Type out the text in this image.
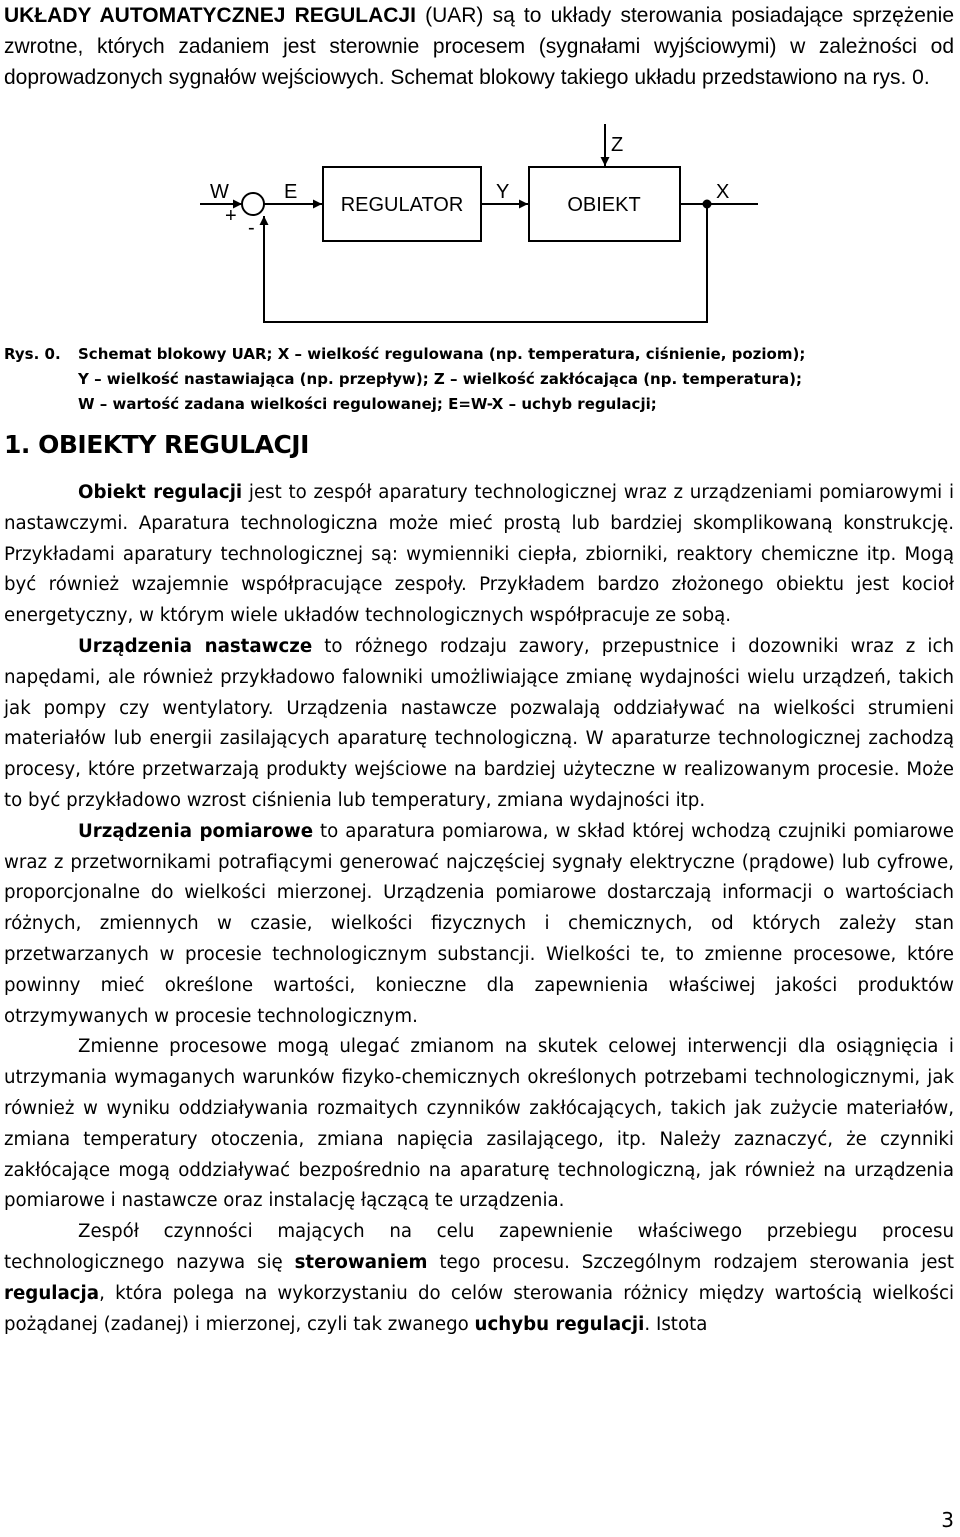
UKŁADY AUTOMATYCZNEJ REGULACJI (UAR) są to układy sterowania posiadające sprzężenie zwrotne, których zadaniem jest sterownie procesem (sygnałami wyjściowymi) w zależności od doprowadzonych sygnałów wejściowych. Schemat blokowy takiego układu przedstawiono na rys. 0.
W
+
-
E
REGULATOR
Y
OBIEKT
Z
X
Rys. 0. Schemat blokowy UAR; X – wielkość regulowana (np. temperatura, ciśnienie, poziom);
Y – wielkość nastawiająca (np. przepływ); Z – wielkość zakłócająca (np. temperatura);
W – wartość zadana wielkości regulowanej; E=W-X – uchyb regulacji;
1. OBIEKTY REGULACJI

Obiekt regulacji jest to zespół aparatury technologicznej wraz z urządzeniami pomiarowymi i nastawczymi. Aparatura technologiczna może mieć prostą lub bardziej skomplikowaną konstrukcję. Przykładami aparatury technologicznej są: wymienniki ciepła, zbiorniki, reaktory chemiczne itp. Mogą być również wzajemnie współpracujące zespoły. Przykładem bardzo złożonego obiektu jest kocioł energetyczny, w którym wiele układów technologicznych współpracuje ze sobą.

Urządzenia nastawcze to różnego rodzaju zawory, przepustnice i dozowniki wraz z ich napędami, ale również przykładowo falowniki umożliwiające zmianę wydajności wielu urządzeń, takich jak pompy czy wentylatory. Urządzenia nastawcze pozwalają oddziaływać na wielkości strumieni materiałów lub energii zasilających aparaturę technologiczną. W aparaturze technologicznej zachodzą procesy, które przetwarzają produkty wejściowe na bardziej użyteczne w realizowanym procesie. Może to być przykładowo wzrost ciśnienia lub temperatury, zmiana wydajności itp.

Urządzenia pomiarowe to aparatura pomiarowa, w skład której wchodzą czujniki pomiarowe wraz z przetwornikami potrafiącymi generować najczęściej sygnały elektryczne (prądowe) lub cyfrowe, proporcjonalne do wielkości mierzonej. Urządzenia pomiarowe dostarczają informacji o wartościach różnych, zmiennych w czasie, wielkości fizycznych i chemicznych, od których zależy stan przetwarzanych w procesie technologicznym substancji. Wielkości te, to zmienne procesowe, które powinny mieć określone wartości, konieczne dla zapewnienia właściwej jakości produktów otrzymywanych w procesie technologicznym.

Zmienne procesowe mogą ulegać zmianom na skutek celowej interwencji dla osiągnięcia i utrzymania wymaganych warunków fizyko-chemicznych określonych potrzebami technologicznymi, jak również w wyniku oddziaływania rozmaitych czynników zakłócających, takich jak zużycie materiałów, zmiana temperatury otoczenia, zmiana napięcia zasilającego, itp. Należy zaznaczyć, że czynniki zakłócające mogą oddziaływać bezpośrednio na aparaturę technologiczną, jak również na urządzenia pomiarowe i nastawcze oraz instalację łączącą te urządzenia.

Zespół czynności mających na celu zapewnienie właściwego przebiegu procesu technologicznego nazywa się sterowaniem tego procesu. Szczególnym rodzajem sterowania jest regulacja, która polega na wykorzystaniu do celów sterowania różnicy między wartością wielkości pożądanej (zadanej) i mierzonej, czyli tak zwanego uchybu regulacji. Istota

3
